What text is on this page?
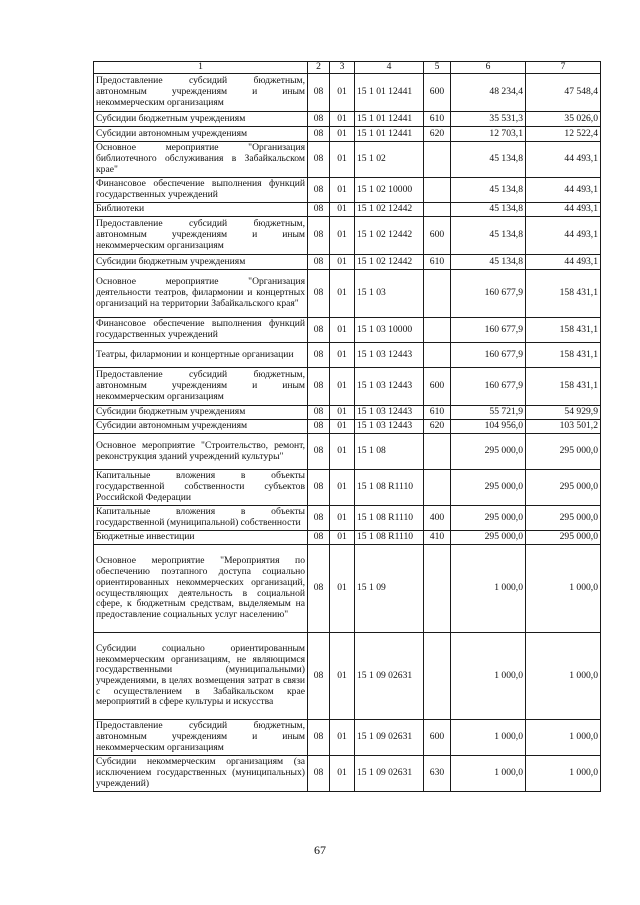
1	2	3	4	5	6	7
Предоставление субсидий бюджетным, автономным учреждениям и иным некоммерческим организациям	08	01	15 1 01 12441	600	48 234,4	47 548,4
Субсидии бюджетным учреждениям	08	01	15 1 01 12441	610	35 531,3	35 026,0
Субсидии автономным учреждениям	08	01	15 1 01 12441	620	12 703,1	12 522,4
Основное мероприятие "Организация библиотечного обслуживания в Забайкальском крае"	08	01	15 1 02		45 134,8	44 493,1
Финансовое обеспечение выполнения функций государственных учреждений	08	01	15 1 02 10000		45 134,8	44 493,1
Библиотеки	08	01	15 1 02 12442		45 134,8	44 493,1
Предоставление субсидий бюджетным, автономным учреждениям и иным некоммерческим организациям	08	01	15 1 02 12442	600	45 134,8	44 493,1
Субсидии бюджетным учреждениям	08	01	15 1 02 12442	610	45 134,8	44 493,1
Основное мероприятие "Организация деятельности театров, филармонии и концертных организаций на территории Забайкальского края"	08	01	15 1 03		160 677,9	158 431,1
Финансовое обеспечение выполнения функций государственных учреждений	08	01	15 1 03 10000		160 677,9	158 431,1
Театры, филармонии и концертные организации	08	01	15 1 03 12443		160 677,9	158 431,1
Предоставление субсидий бюджетным, автономным учреждениям и иным некоммерческим организациям	08	01	15 1 03 12443	600	160 677,9	158 431,1
Субсидии бюджетным учреждениям	08	01	15 1 03 12443	610	55 721,9	54 929,9
Субсидии автономным учреждениям	08	01	15 1 03 12443	620	104 956,0	103 501,2
Основное мероприятие "Строительство, ремонт, реконструкция зданий учреждений культуры"	08	01	15 1 08		295 000,0	295 000,0
Капитальные вложения в объекты государственной собственности субъектов Российской Федерации	08	01	15 1 08 R1110		295 000,0	295 000,0
Капитальные вложения в объекты государственной (муниципальной) собственности	08	01	15 1 08 R1110	400	295 000,0	295 000,0
Бюджетные инвестиции	08	01	15 1 08 R1110	410	295 000,0	295 000,0
Основное мероприятие "Мероприятия по обеспечению поэтапного доступа социально ориентированных некоммерческих организаций, осуществляющих деятельность в социальной сфере, к бюджетным средствам, выделяемым на предоставление социальных услуг населению"	08	01	15 1 09		1 000,0	1 000,0
Субсидии социально ориентированным некоммерческим организациям, не являющимся государственными (муниципальными) учреждениями, в целях возмещения затрат в связи с осуществлением в Забайкальском крае мероприятий в сфере культуры и искусства	08	01	15 1 09 02631		1 000,0	1 000,0
Предоставление субсидий бюджетным, автономным учреждениям и иным некоммерческим организациям	08	01	15 1 09 02631	600	1 000,0	1 000,0
Субсидии некоммерческим организациям (за исключением государственных (муниципальных) учреждений)	08	01	15 1 09 02631	630	1 000,0	1 000,0
67
